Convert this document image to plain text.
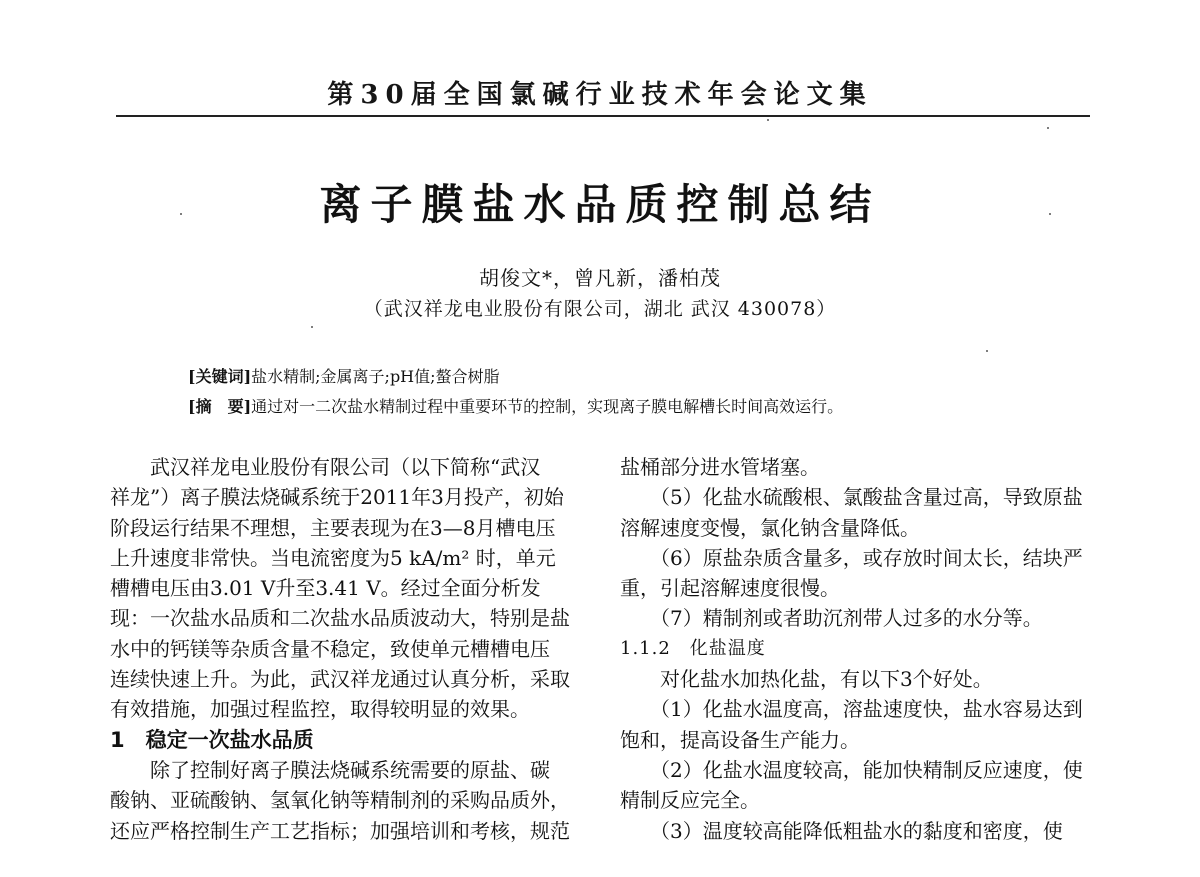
第30届全国氯碱行业技术年会论文集
离子膜盐水品质控制总结
胡俊文*，曾凡新，潘柏茂
（武汉祥龙电业股份有限公司，湖北 武汉 430078）
[关键词]盐水精制;金属离子;pH值;螯合树脂
[摘　要]通过对一二次盐水精制过程中重要环节的控制，实现离子膜电解槽长时间高效运行。

　　武汉祥龙电业股份有限公司（以下简称“武汉

祥龙”）离子膜法烧碱系统于2011年3月投产，初始

阶段运行结果不理想，主要表现为在3—8月槽电压

上升速度非常快。当电流密度为5 kA/m² 时，单元

槽槽电压由3.01 V升至3.41 V。经过全面分析发

现：一次盐水品质和二次盐水品质波动大，特别是盐

水中的钙镁等杂质含量不稳定，致使单元槽槽电压

连续快速上升。为此，武汉祥龙通过认真分析，采取

有效措施，加强过程监控，取得较明显的效果。

1　稳定一次盐水品质

　　除了控制好离子膜法烧碱系统需要的原盐、碳

酸钠、亚硫酸钠、氢氧化钠等精制剂的采购品质外，

还应严格控制生产工艺指标；加强培训和考核，规范

盐桶部分进水管堵塞。

　　（5）化盐水硫酸根、氯酸盐含量过高，导致原盐

溶解速度变慢，氯化钠含量降低。

　　（6）原盐杂质含量多，或存放时间太长，结块严

重，引起溶解速度很慢。

　　（7）精制剂或者助沉剂带人过多的水分等。

1.1.2　化盐温度

　　对化盐水加热化盐，有以下3个好处。

　　（1）化盐水温度高，溶盐速度快，盐水容易达到

饱和，提高设备生产能力。

　　（2）化盐水温度较高，能加快精制反应速度，使

精制反应完全。

　　（3）温度较高能降低粗盐水的黏度和密度，使
